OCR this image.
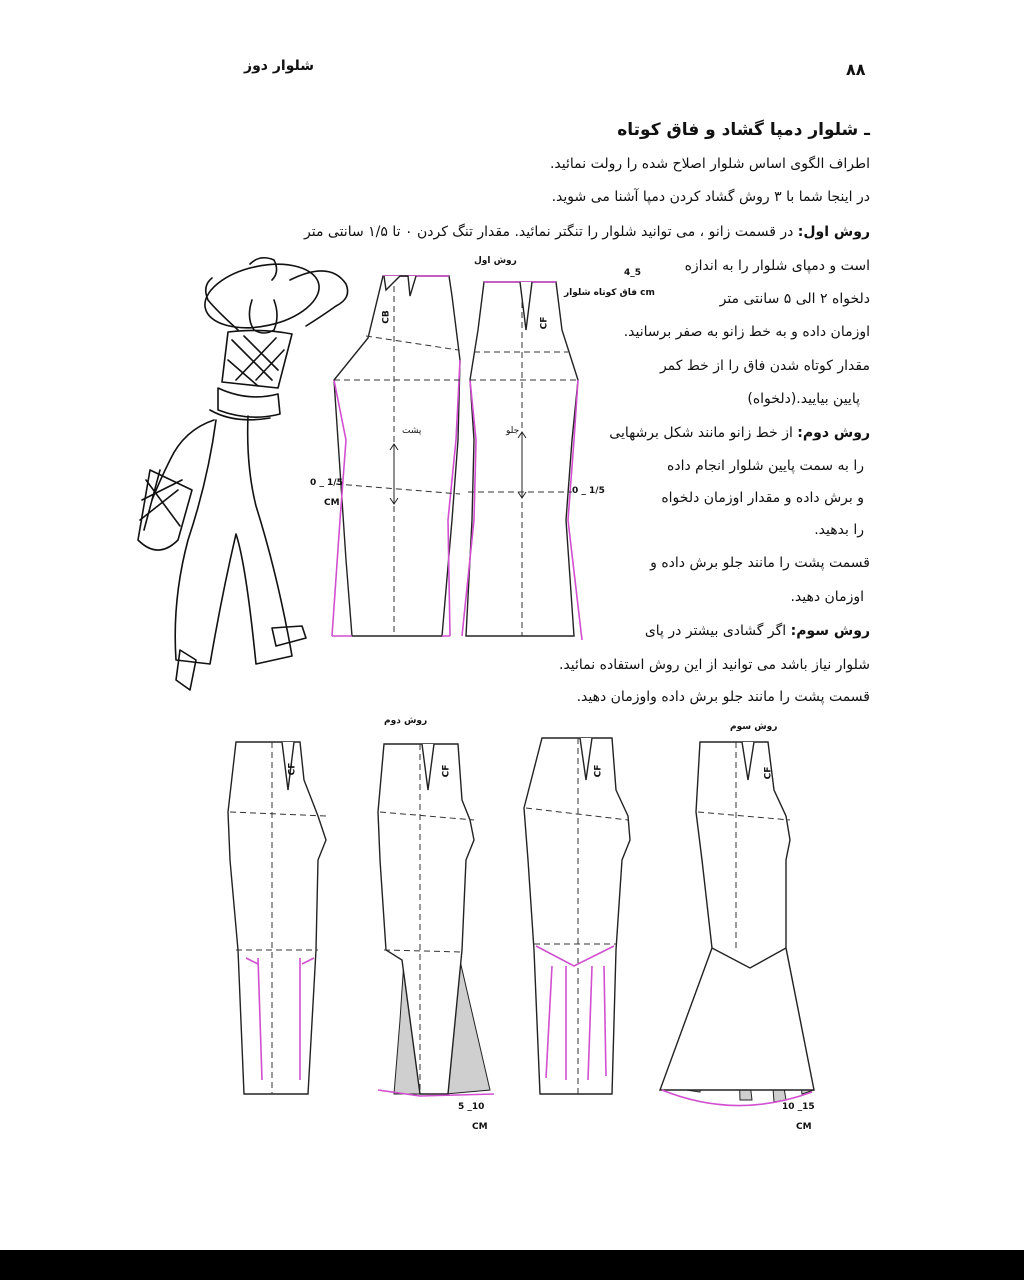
شلوار دوز	۸۸
ـ شلوار دمپا گشاد و فاق کوتاه
اطراف الگوی اساس شلوار اصلاح شده را رولت نمائید.
در اینجا شما با ۳ روش گشاد کردن دمپا آشنا می شوید.
روش اول: در قسمت زانو ، می توانید شلوار را تنگتر نمائید. مقدار تنگ کردن ۰ تا ۱/۵ سانتی متر
است و دمپای شلوار را به اندازه
دلخواه ۲ الی ۵ سانتی متر
اوزمان داده و به خط زانو به صفر برسانید.
مقدار کوتاه شدن فاق را از خط کمر
پایین بیایید.(دلخواه)
روش دوم: از خط زانو مانند شکل برشهایی
را به سمت پایین شلوار انجام داده
و برش داده و مقدار اوزمان دلخواه
را بدهید.
قسمت پشت را مانند جلو برش داده و
اوزمان دهید.
روش سوم: اگر گشادی بیشتر در پای
شلوار نیاز باشد می توانید از این روش استفاده نمائید.
قسمت پشت را مانند جلو برش داده واوزمان دهید.
روش اول
CB	CF
پشت	جلو
4_5
فاق کوتاه شلوار cm
0 _ 1/5
CM
0 _ 1/5
CF
روش دوم
CF	CF
5 _10
CM
روش سوم
CF
10 _15
CM
